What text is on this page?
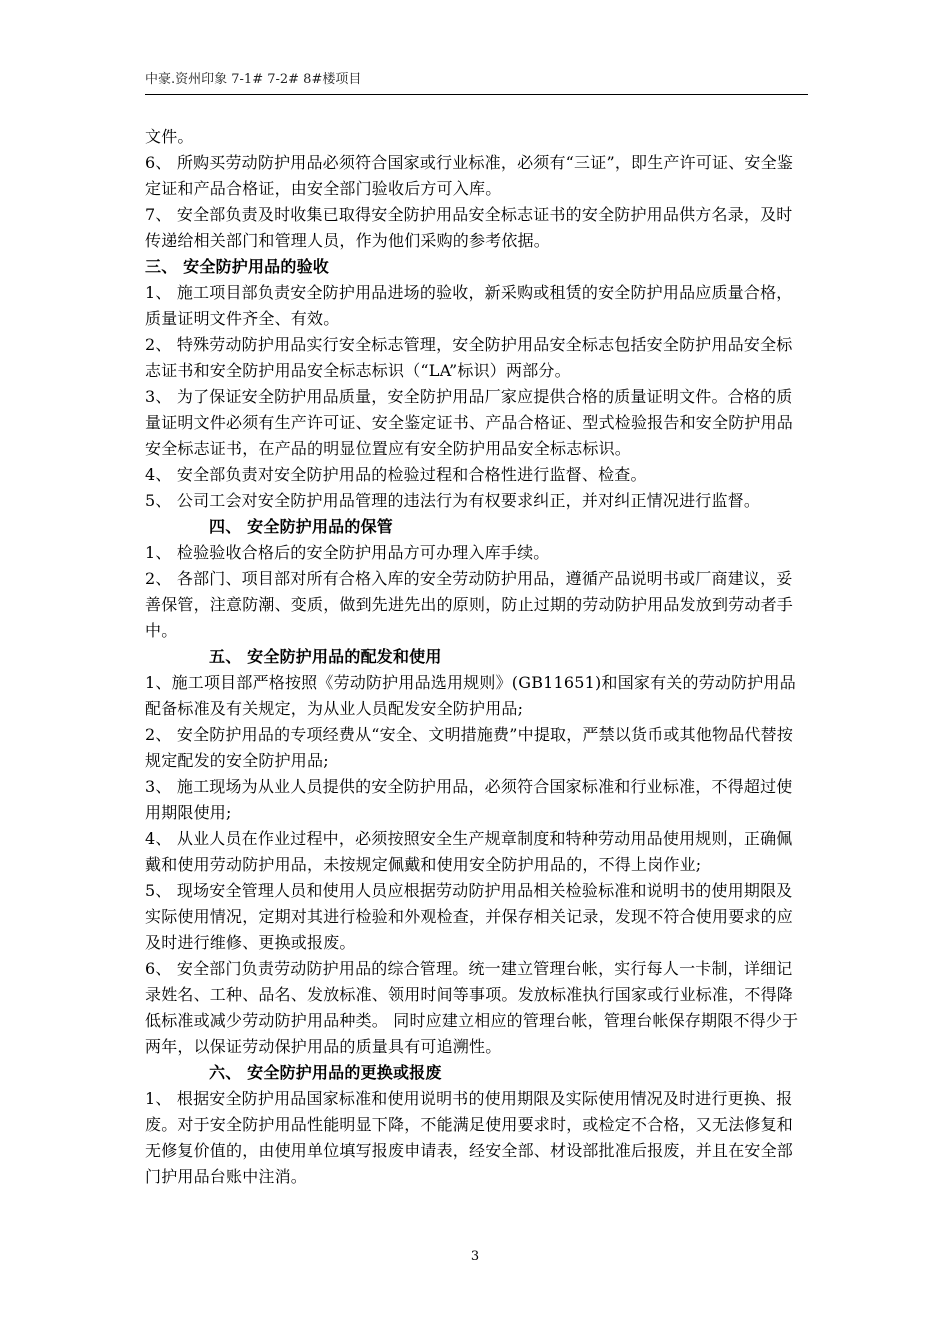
中豪.资州印象 7-1# 7-2# 8#楼项目

文件。

6、 所购买劳动防护用品必须符合国家或行业标准，必须有“三证”，即生产许可证、安全鉴定证和产品合格证，由安全部门验收后方可入库。

7、 安全部负责及时收集已取得安全防护用品安全标志证书的安全防护用品供方名录，及时传递给相关部门和管理人员，作为他们采购的参考依据。

三、 安全防护用品的验收

1、 施工项目部负责安全防护用品进场的验收，新采购或租赁的安全防护用品应质量合格，质量证明文件齐全、有效。

2、 特殊劳动防护用品实行安全标志管理，安全防护用品安全标志包括安全防护用品安全标志证书和安全防护用品安全标志标识（“LA”标识）两部分。

3、 为了保证安全防护用品质量，安全防护用品厂家应提供合格的质量证明文件。合格的质量证明文件必须有生产许可证、安全鉴定证书、产品合格证、型式检验报告和安全防护用品安全标志证书，在产品的明显位置应有安全防护用品安全标志标识。

4、 安全部负责对安全防护用品的检验过程和合格性进行监督、检查。

5、 公司工会对安全防护用品管理的违法行为有权要求纠正，并对纠正情况进行监督。

四、 安全防护用品的保管

1、 检验验收合格后的安全防护用品方可办理入库手续。

2、 各部门、项目部对所有合格入库的安全劳动防护用品，遵循产品说明书或厂商建议，妥善保管，注意防潮、变质，做到先进先出的原则，防止过期的劳动防护用品发放到劳动者手中。

五、 安全防护用品的配发和使用

1、施工项目部严格按照《劳动防护用品选用规则》(GB11651)和国家有关的劳动防护用品配备标准及有关规定，为从业人员配发安全防护用品;

2、 安全防护用品的专项经费从“安全、文明措施费”中提取，严禁以货币或其他物品代替按规定配发的安全防护用品;

3、 施工现场为从业人员提供的安全防护用品，必须符合国家标准和行业标准，不得超过使用期限使用;

4、 从业人员在作业过程中，必须按照安全生产规章制度和特种劳动用品使用规则，正确佩戴和使用劳动防护用品，未按规定佩戴和使用安全防护用品的，不得上岗作业;

5、 现场安全管理人员和使用人员应根据劳动防护用品相关检验标准和说明书的使用期限及实际使用情况，定期对其进行检验和外观检查，并保存相关记录，发现不符合使用要求的应及时进行维修、更换或报废。

6、 安全部门负责劳动防护用品的综合管理。统一建立管理台帐，实行每人一卡制，详细记录姓名、工种、品名、发放标准、领用时间等事项。发放标准执行国家或行业标准，不得降低标准或减少劳动防护用品种类。 同时应建立相应的管理台帐，管理台帐保存期限不得少于两年，以保证劳动保护用品的质量具有可追溯性。

六、 安全防护用品的更换或报废

1、 根据安全防护用品国家标准和使用说明书的使用期限及实际使用情况及时进行更换、报废。对于安全防护用品性能明显下降，不能满足使用要求时，或检定不合格，又无法修复和无修复价值的，由使用单位填写报废申请表，经安全部、材设部批准后报废，并且在安全部门护用品台账中注消。

3
